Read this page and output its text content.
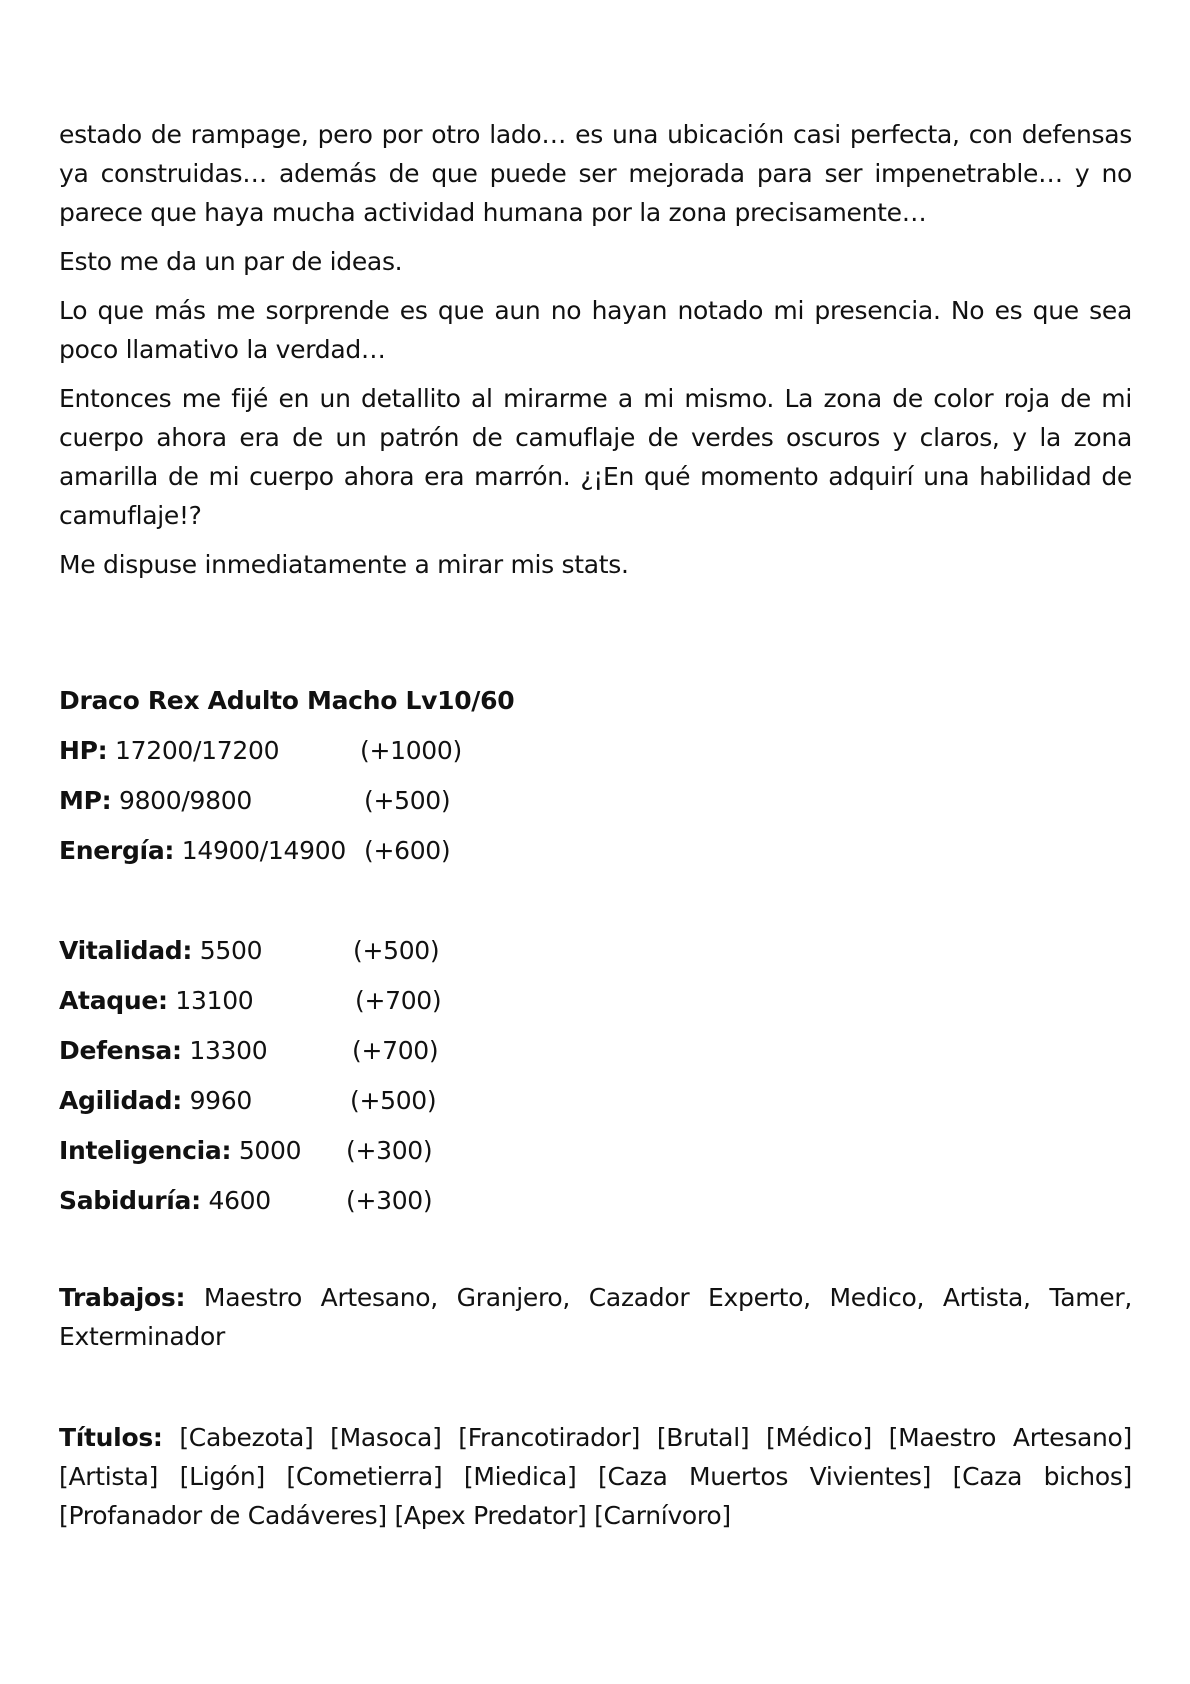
estado de rampage, pero por otro lado… es una ubicación casi perfecta, con defensas ya construidas… además de que puede ser mejorada para ser impenetrable… y no parece que haya mucha actividad humana por la zona precisamente…

Esto me da un par de ideas.

Lo que más me sorprende es que aun no hayan notado mi presencia. No es que sea poco llamativo la verdad…

Entonces me fijé en un detallito al mirarme a mi mismo. La zona de color roja de mi cuerpo ahora era de un patrón de camuflaje de verdes oscuros y claros, y la zona amarilla de mi cuerpo ahora era marrón. ¿¡En qué momento adquirí una habilidad de camuflaje!?

Me dispuse inmediatamente a mirar mis stats.

Draco Rex Adulto Macho Lv10/60
HP: 17200/17200	(+1000)
MP: 9800/9800	(+500)
Energía: 14900/14900 (+600)
Vitalidad: 5500	(+500)
Ataque: 13100	(+700)
Defensa: 13300	(+700)
Agilidad: 9960	(+500)
Inteligencia: 5000 (+300)
Sabiduría: 4600	(+300)
Trabajos: Maestro Artesano, Granjero, Cazador Experto, Medico, Artista, Tamer, Exterminador
Títulos: [Cabezota] [Masoca] [Francotirador] [Brutal] [Médico] [Maestro Artesano] [Artista] [Ligón] [Cometierra] [Miedica] [Caza Muertos Vivientes] [Caza bichos] [Profanador de Cadáveres] [Apex Predator] [Carnívoro]
